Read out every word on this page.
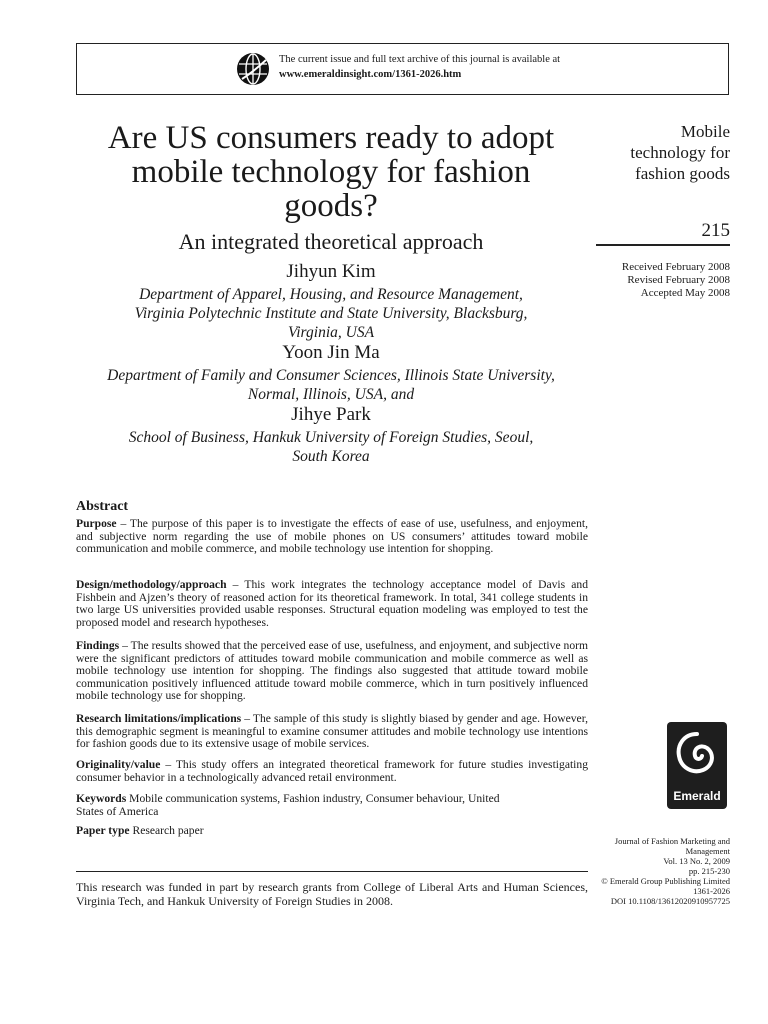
The current issue and full text archive of this journal is available at
www.emeraldinsight.com/1361-2026.htm
Are US consumers ready to adopt
mobile technology for fashion
goods?
An integrated theoretical approach
Jihyun Kim
Department of Apparel, Housing, and Resource Management,
Virginia Polytechnic Institute and State University, Blacksburg,
Virginia, USA
Yoon Jin Ma
Department of Family and Consumer Sciences, Illinois State University,
Normal, Illinois, USA, and
Jihye Park
School of Business, Hankuk University of Foreign Studies, Seoul,
South Korea
Mobile
technology for
fashion goods
215
Received February 2008
Revised February 2008
Accepted May 2008
Abstract
Purpose – The purpose of this paper is to investigate the effects of ease of use, usefulness, and enjoyment, and subjective norm regarding the use of mobile phones on US consumers’ attitudes toward mobile communication and mobile commerce, and mobile technology use intention for shopping.
Design/methodology/approach – This work integrates the technology acceptance model of Davis and Fishbein and Ajzen’s theory of reasoned action for its theoretical framework. In total, 341 college students in two large US universities provided usable responses. Structural equation modeling was employed to test the proposed model and research hypotheses.
Findings – The results showed that the perceived ease of use, usefulness, and enjoyment, and subjective norm were the significant predictors of attitudes toward mobile communication and mobile commerce as well as mobile technology use intention for shopping. The findings also suggested that attitude toward mobile communication positively influenced attitude toward mobile commerce, which in turn positively influenced mobile technology use for shopping.
Research limitations/implications – The sample of this study is slightly biased by gender and age. However, this demographic segment is meaningful to examine consumer attitudes and mobile technology use intentions for fashion goods due to its extensive usage of mobile services.
Originality/value – This study offers an integrated theoretical framework for future studies investigating consumer behavior in a technologically advanced retail environment.
Keywords Mobile communication systems, Fashion industry, Consumer behaviour, United States of America
Paper type Research paper
Emerald
Journal of Fashion Marketing and
Management
Vol. 13 No. 2, 2009
pp. 215-230
© Emerald Group Publishing Limited
1361-2026
DOI 10.1108/13612020910957725
This research was funded in part by research grants from College of Liberal Arts and Human Sciences, Virginia Tech, and Hankuk University of Foreign Studies in 2008.
